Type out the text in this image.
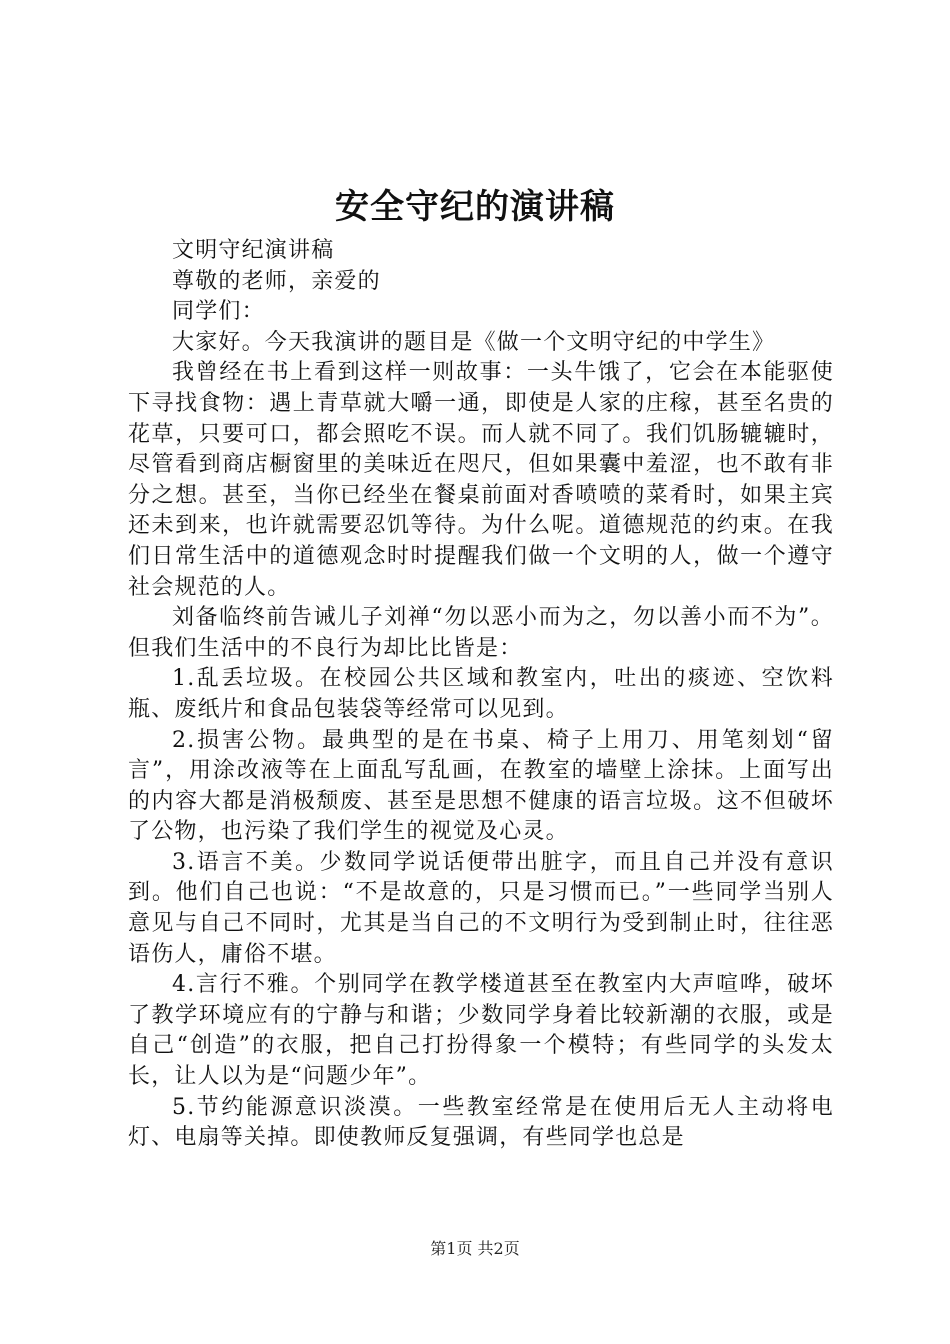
安全守纪的演讲稿

文明守纪演讲稿

尊敬的老师，亲爱的

同学们：

大家好。今天我演讲的题目是《做一个文明守纪的中学生》

我曾经在书上看到这样一则故事：一头牛饿了，它会在本能驱使下寻找食物：遇上青草就大嚼一通，即使是人家的庄稼，甚至名贵的花草，只要可口，都会照吃不误。而人就不同了。我们饥肠辘辘时，尽管看到商店橱窗里的美味近在咫尺，但如果囊中羞涩，也不敢有非分之想。甚至，当你已经坐在餐桌前面对香喷喷的菜肴时，如果主宾还未到来，也许就需要忍饥等待。为什么呢。道德规范的约束。在我们日常生活中的道德观念时时提醒我们做一个文明的人，做一个遵守社会规范的人。

刘备临终前告诫儿子刘禅“勿以恶小而为之，勿以善小而不为”。但我们生活中的不良行为却比比皆是：

1.乱丢垃圾。在校园公共区域和教室内，吐出的痰迹、空饮料瓶、废纸片和食品包装袋等经常可以见到。

2.损害公物。最典型的是在书桌、椅子上用刀、用笔刻划“留言”，用涂改液等在上面乱写乱画，在教室的墙壁上涂抹。上面写出的内容大都是消极颓废、甚至是思想不健康的语言垃圾。这不但破坏了公物，也污染了我们学生的视觉及心灵。

3.语言不美。少数同学说话便带出脏字，而且自己并没有意识到。他们自己也说：“不是故意的，只是习惯而已。”一些同学当别人意见与自己不同时，尤其是当自己的不文明行为受到制止时，往往恶语伤人，庸俗不堪。

4.言行不雅。个别同学在教学楼道甚至在教室内大声喧哗，破坏了教学环境应有的宁静与和谐；少数同学身着比较新潮的衣服，或是自己“创造”的衣服，把自己打扮得象一个模特；有些同学的头发太长，让人以为是“问题少年”。

5.节约能源意识淡漠。一些教室经常是在使用后无人主动将电灯、电扇等关掉。即使教师反复强调，有些同学也总是

第1页 共2页
